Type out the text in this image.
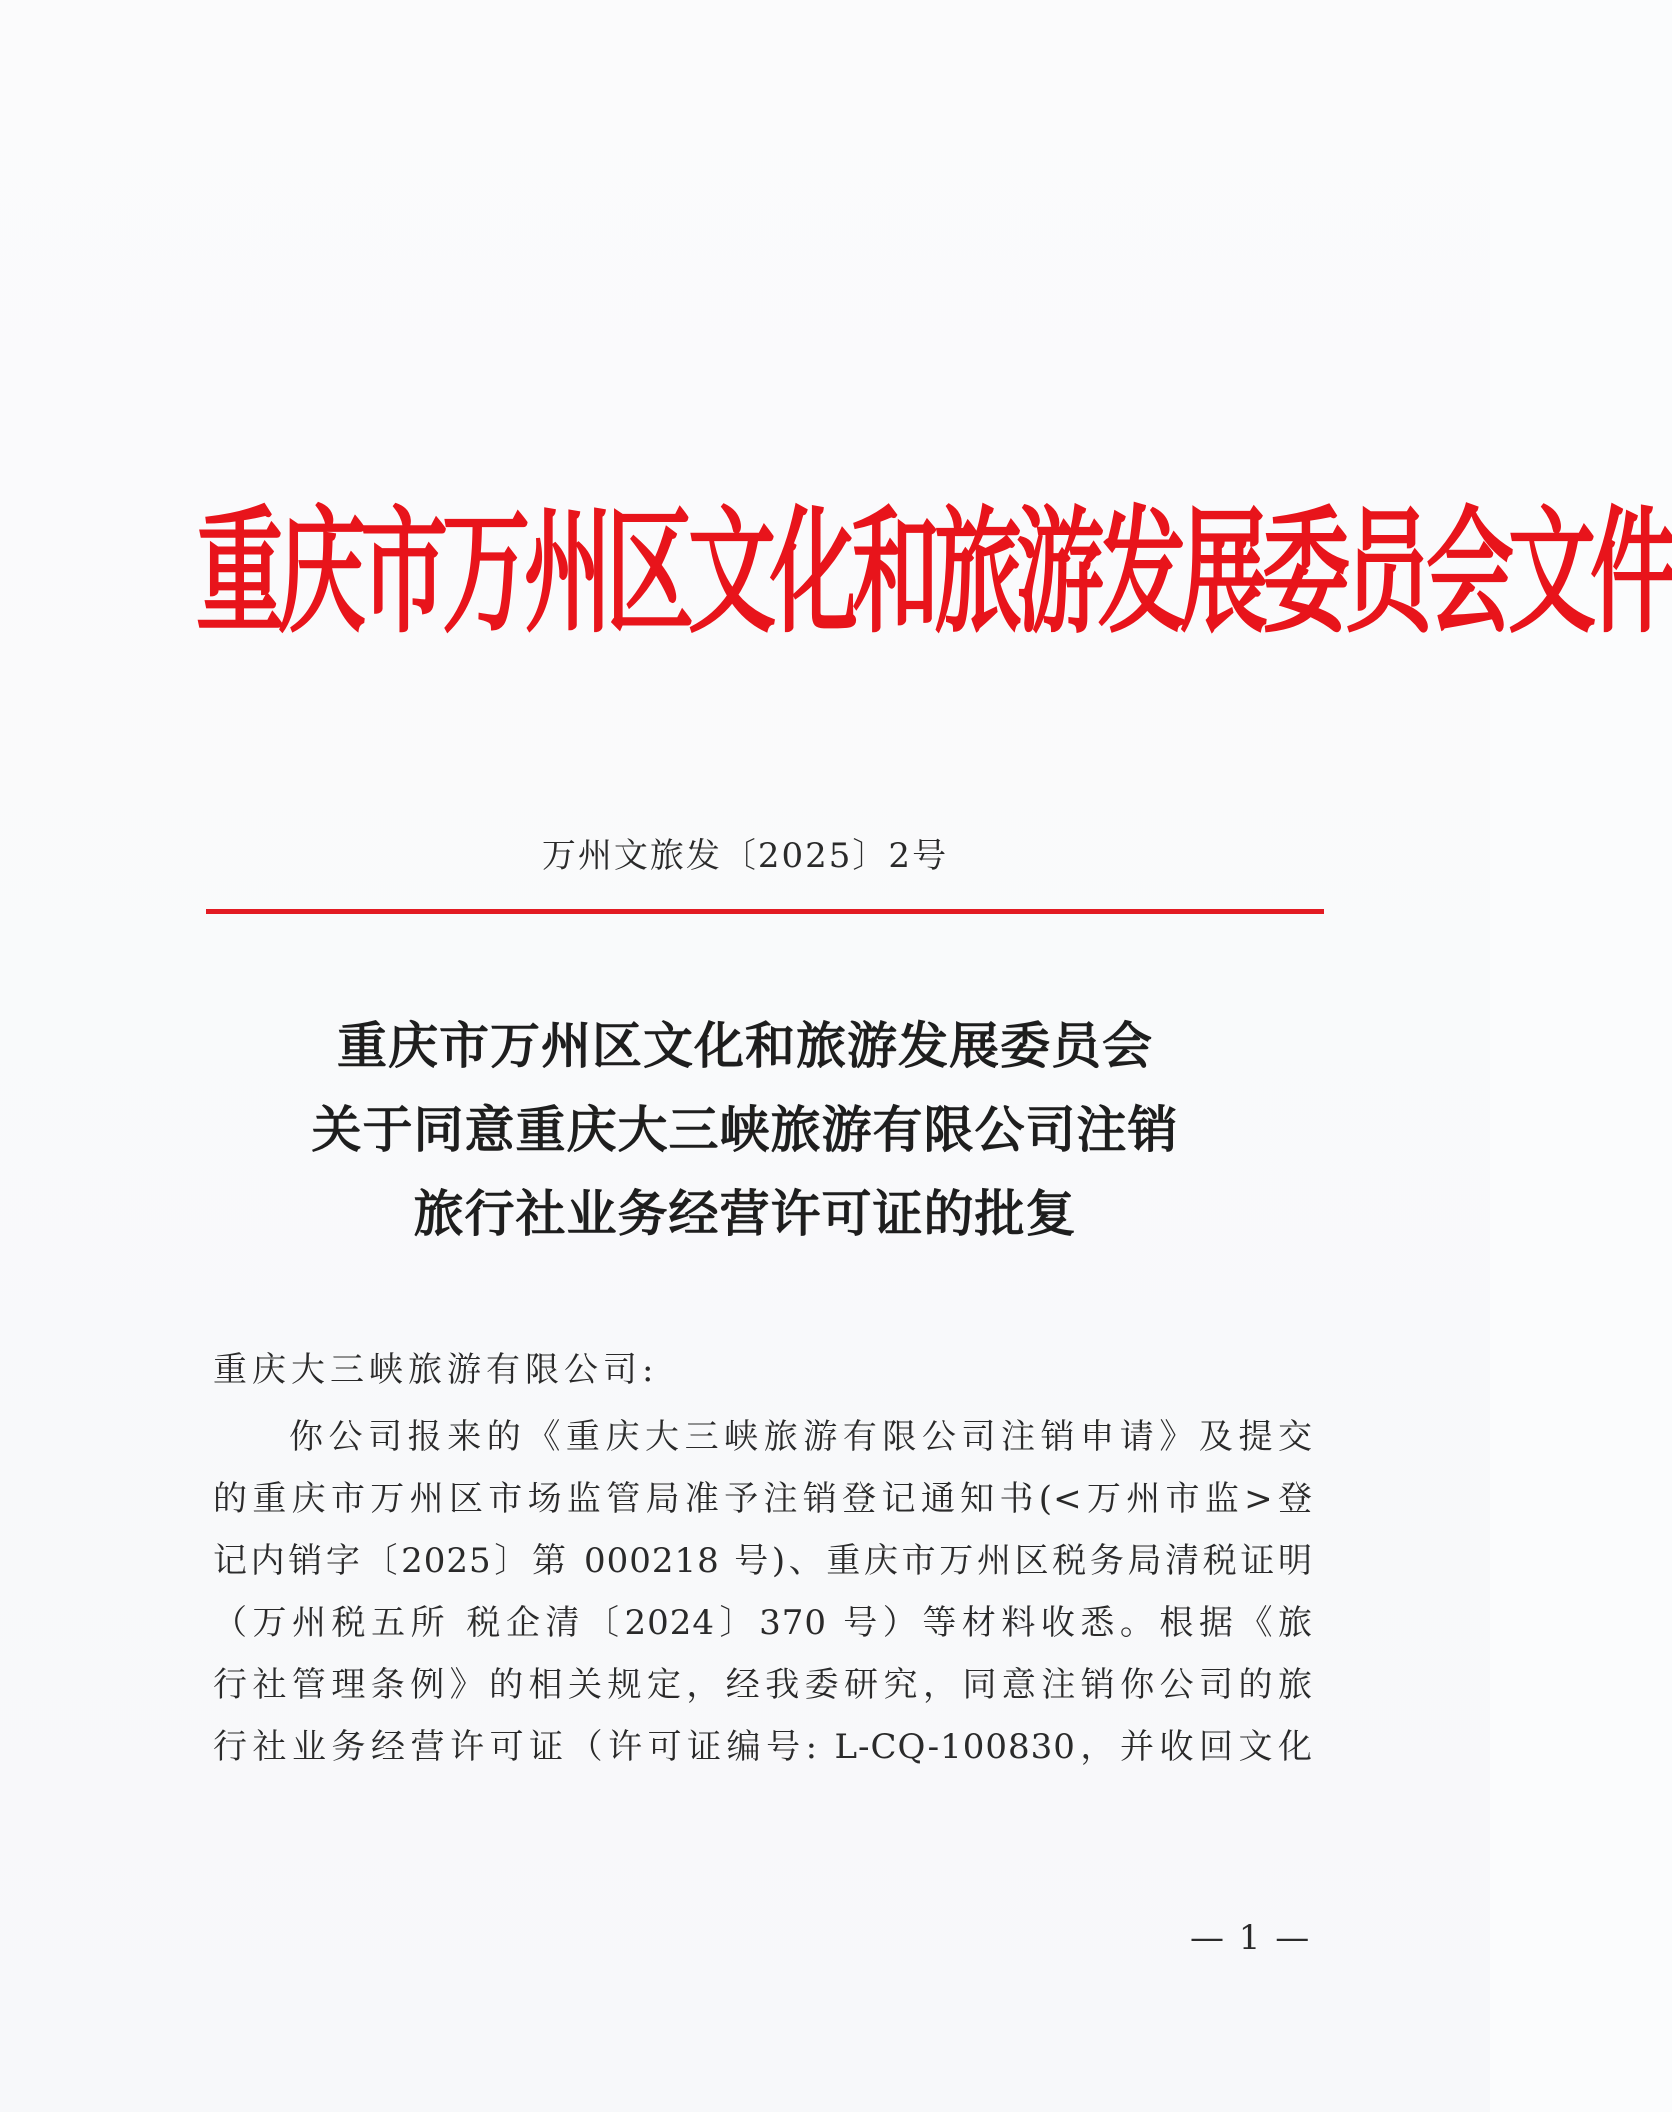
重庆市万州区文化和旅游发展委员会文件
万州文旅发〔2025〕2号
重庆市万州区文化和旅游发展委员会
关于同意重庆大三峡旅游有限公司注销
旅行社业务经营许可证的批复
重庆大三峡旅游有限公司:
你公司报来的《重庆大三峡旅游有限公司注销申请》及提交
的重庆市万州区市场监管局准予注销登记通知书(<万州市监>登
记内销字〔2025〕第 000218 号)、重庆市万州区税务局清税证明
（万州税五所 税企清〔2024〕370 号）等材料收悉。根据《旅
行社管理条例》的相关规定，经我委研究，同意注销你公司的旅
行社业务经营许可证（许可证编号: L-CQ-100830，并收回文化
— 1 —
